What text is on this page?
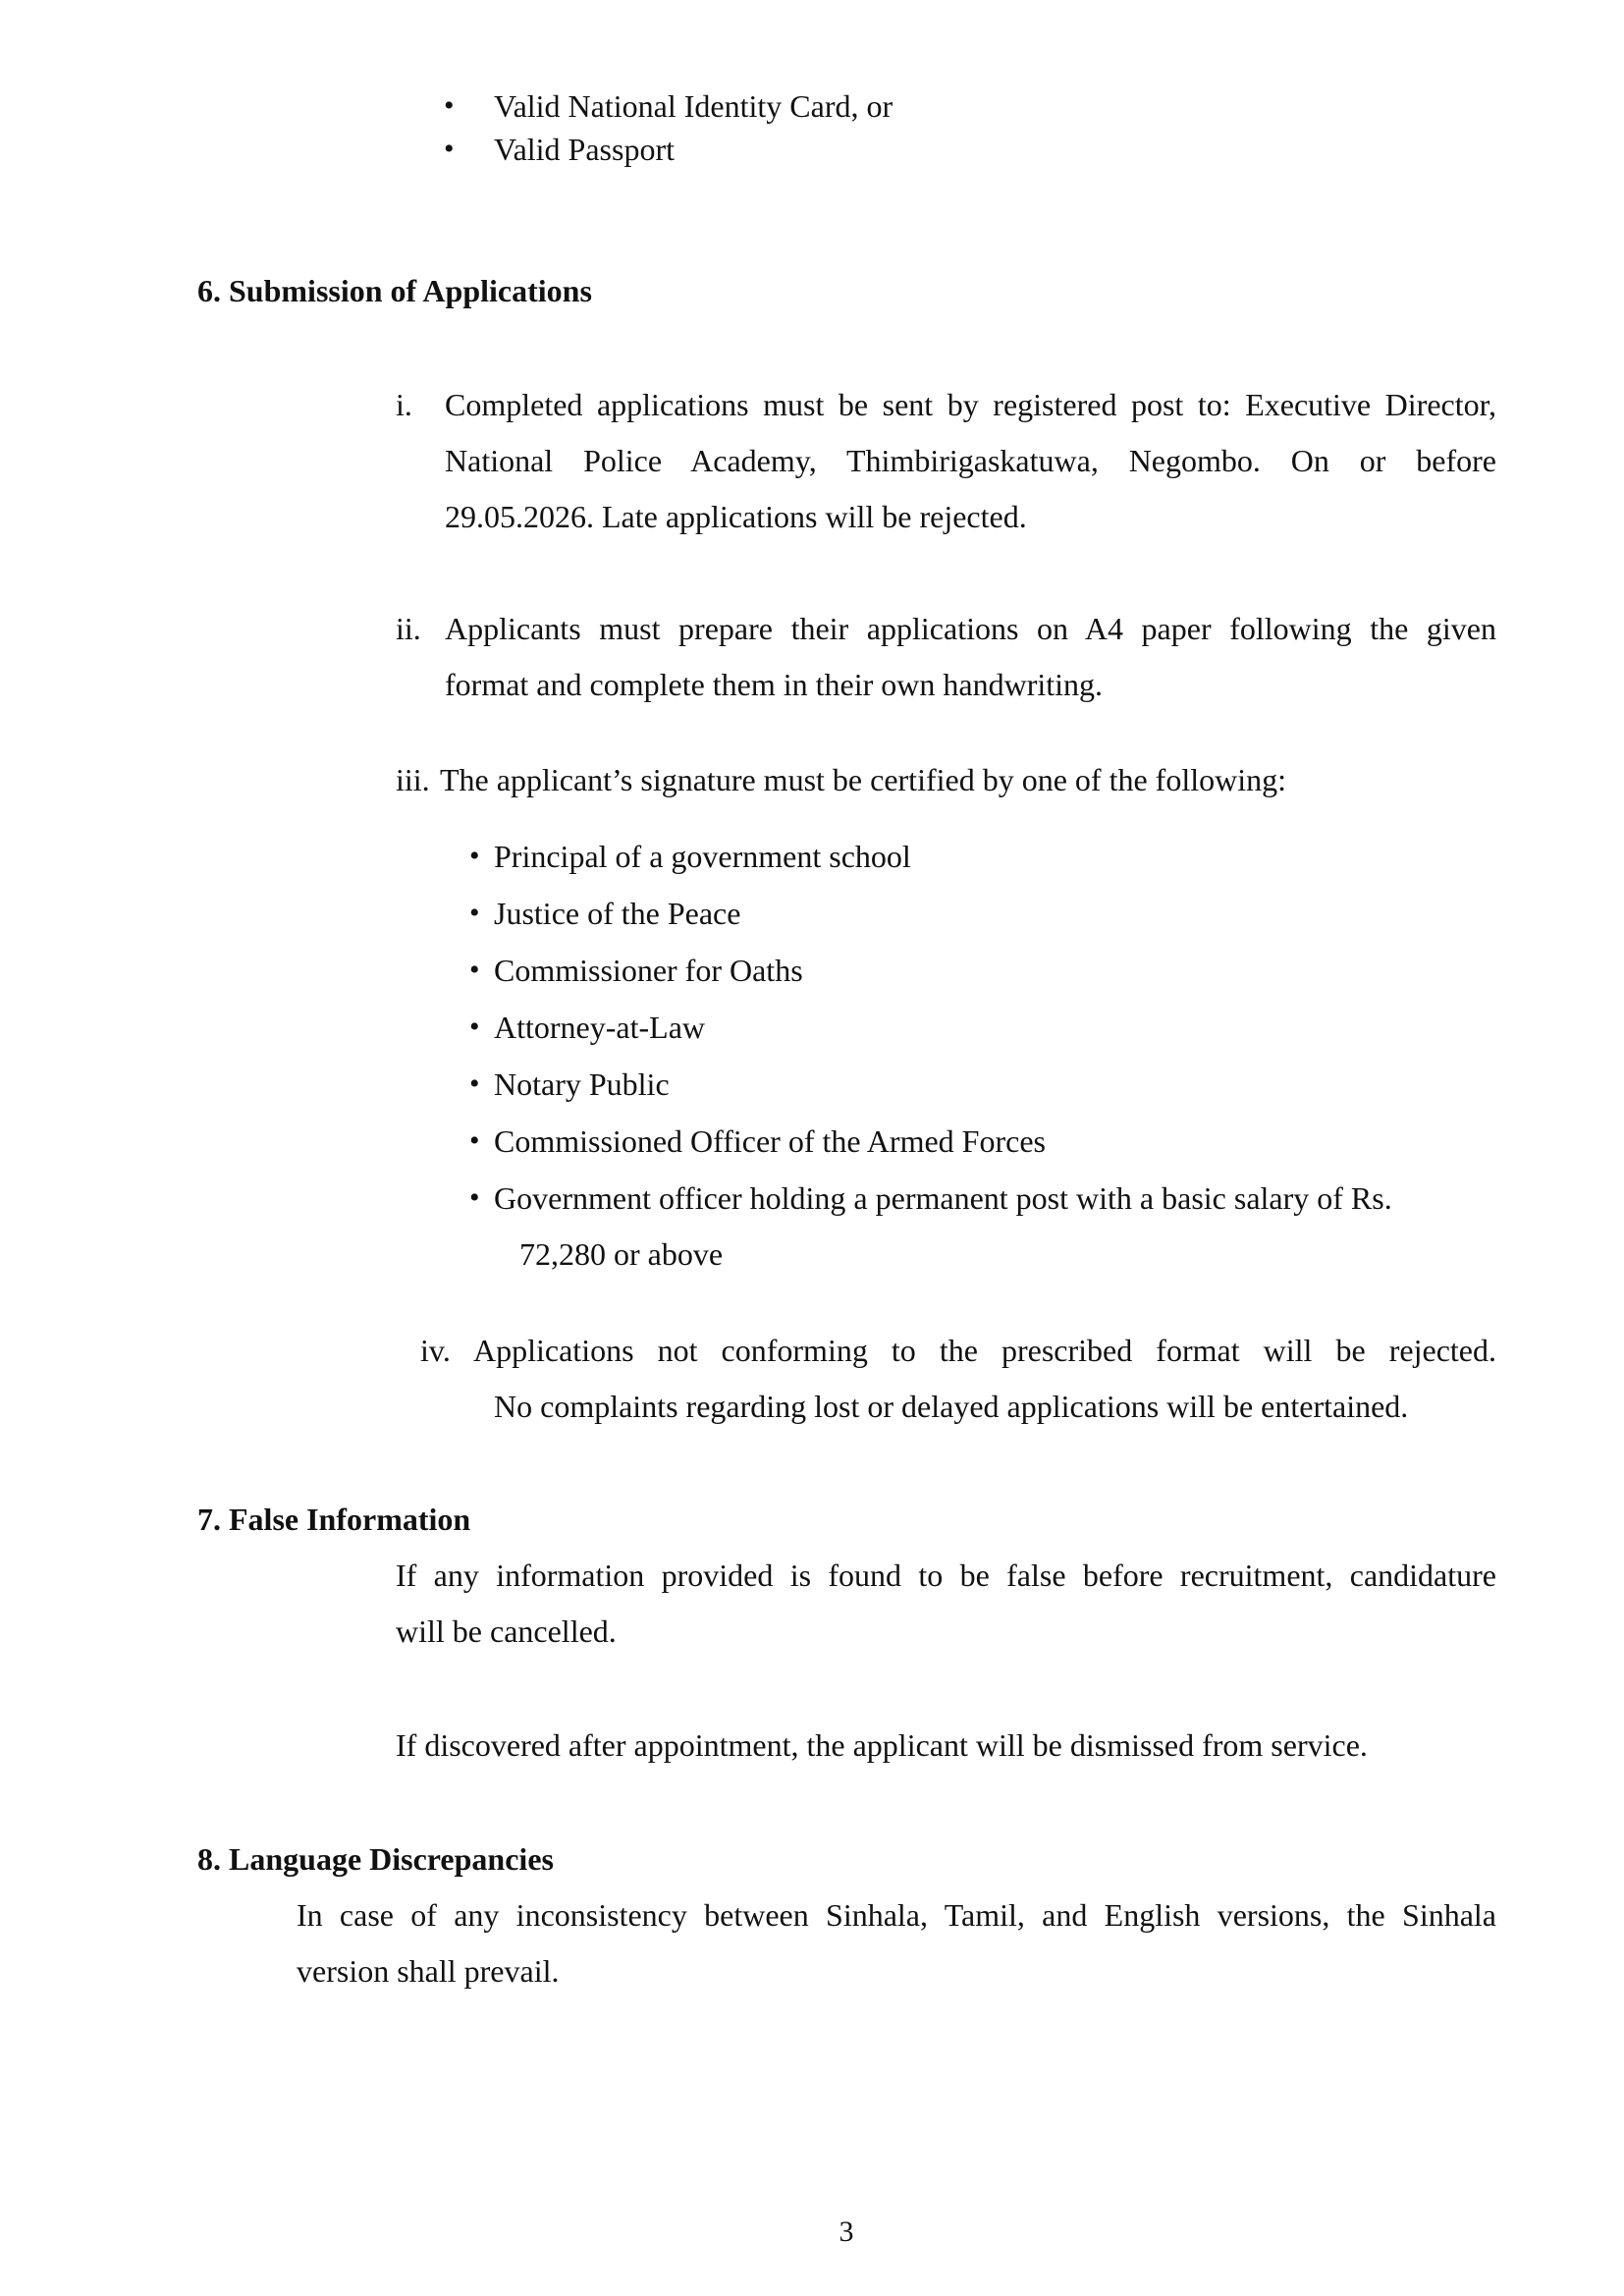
• Valid National Identity Card, or
• Valid Passport
6. Submission of Applications
i. Completed applications must be sent by registered post to: Executive Director,
National Police Academy, Thimbirigaskatuwa, Negombo. On or before
29.05.2026. Late applications will be rejected.
ii. Applicants must prepare their applications on A4 paper following the given
format and complete them in their own handwriting.
iii. The applicant’s signature must be certified by one of the following:
• Principal of a government school
• Justice of the Peace
• Commissioner for Oaths
• Attorney-at-Law
• Notary Public
• Commissioned Officer of the Armed Forces
• Government officer holding a permanent post with a basic salary of Rs.
72,280 or above
iv. Applications not conforming to the prescribed format will be rejected.
No complaints regarding lost or delayed applications will be entertained.
7. False Information
If any information provided is found to be false before recruitment, candidature
will be cancelled.
If discovered after appointment, the applicant will be dismissed from service.
8. Language Discrepancies
In case of any inconsistency between Sinhala, Tamil, and English versions, the Sinhala
version shall prevail.
3
